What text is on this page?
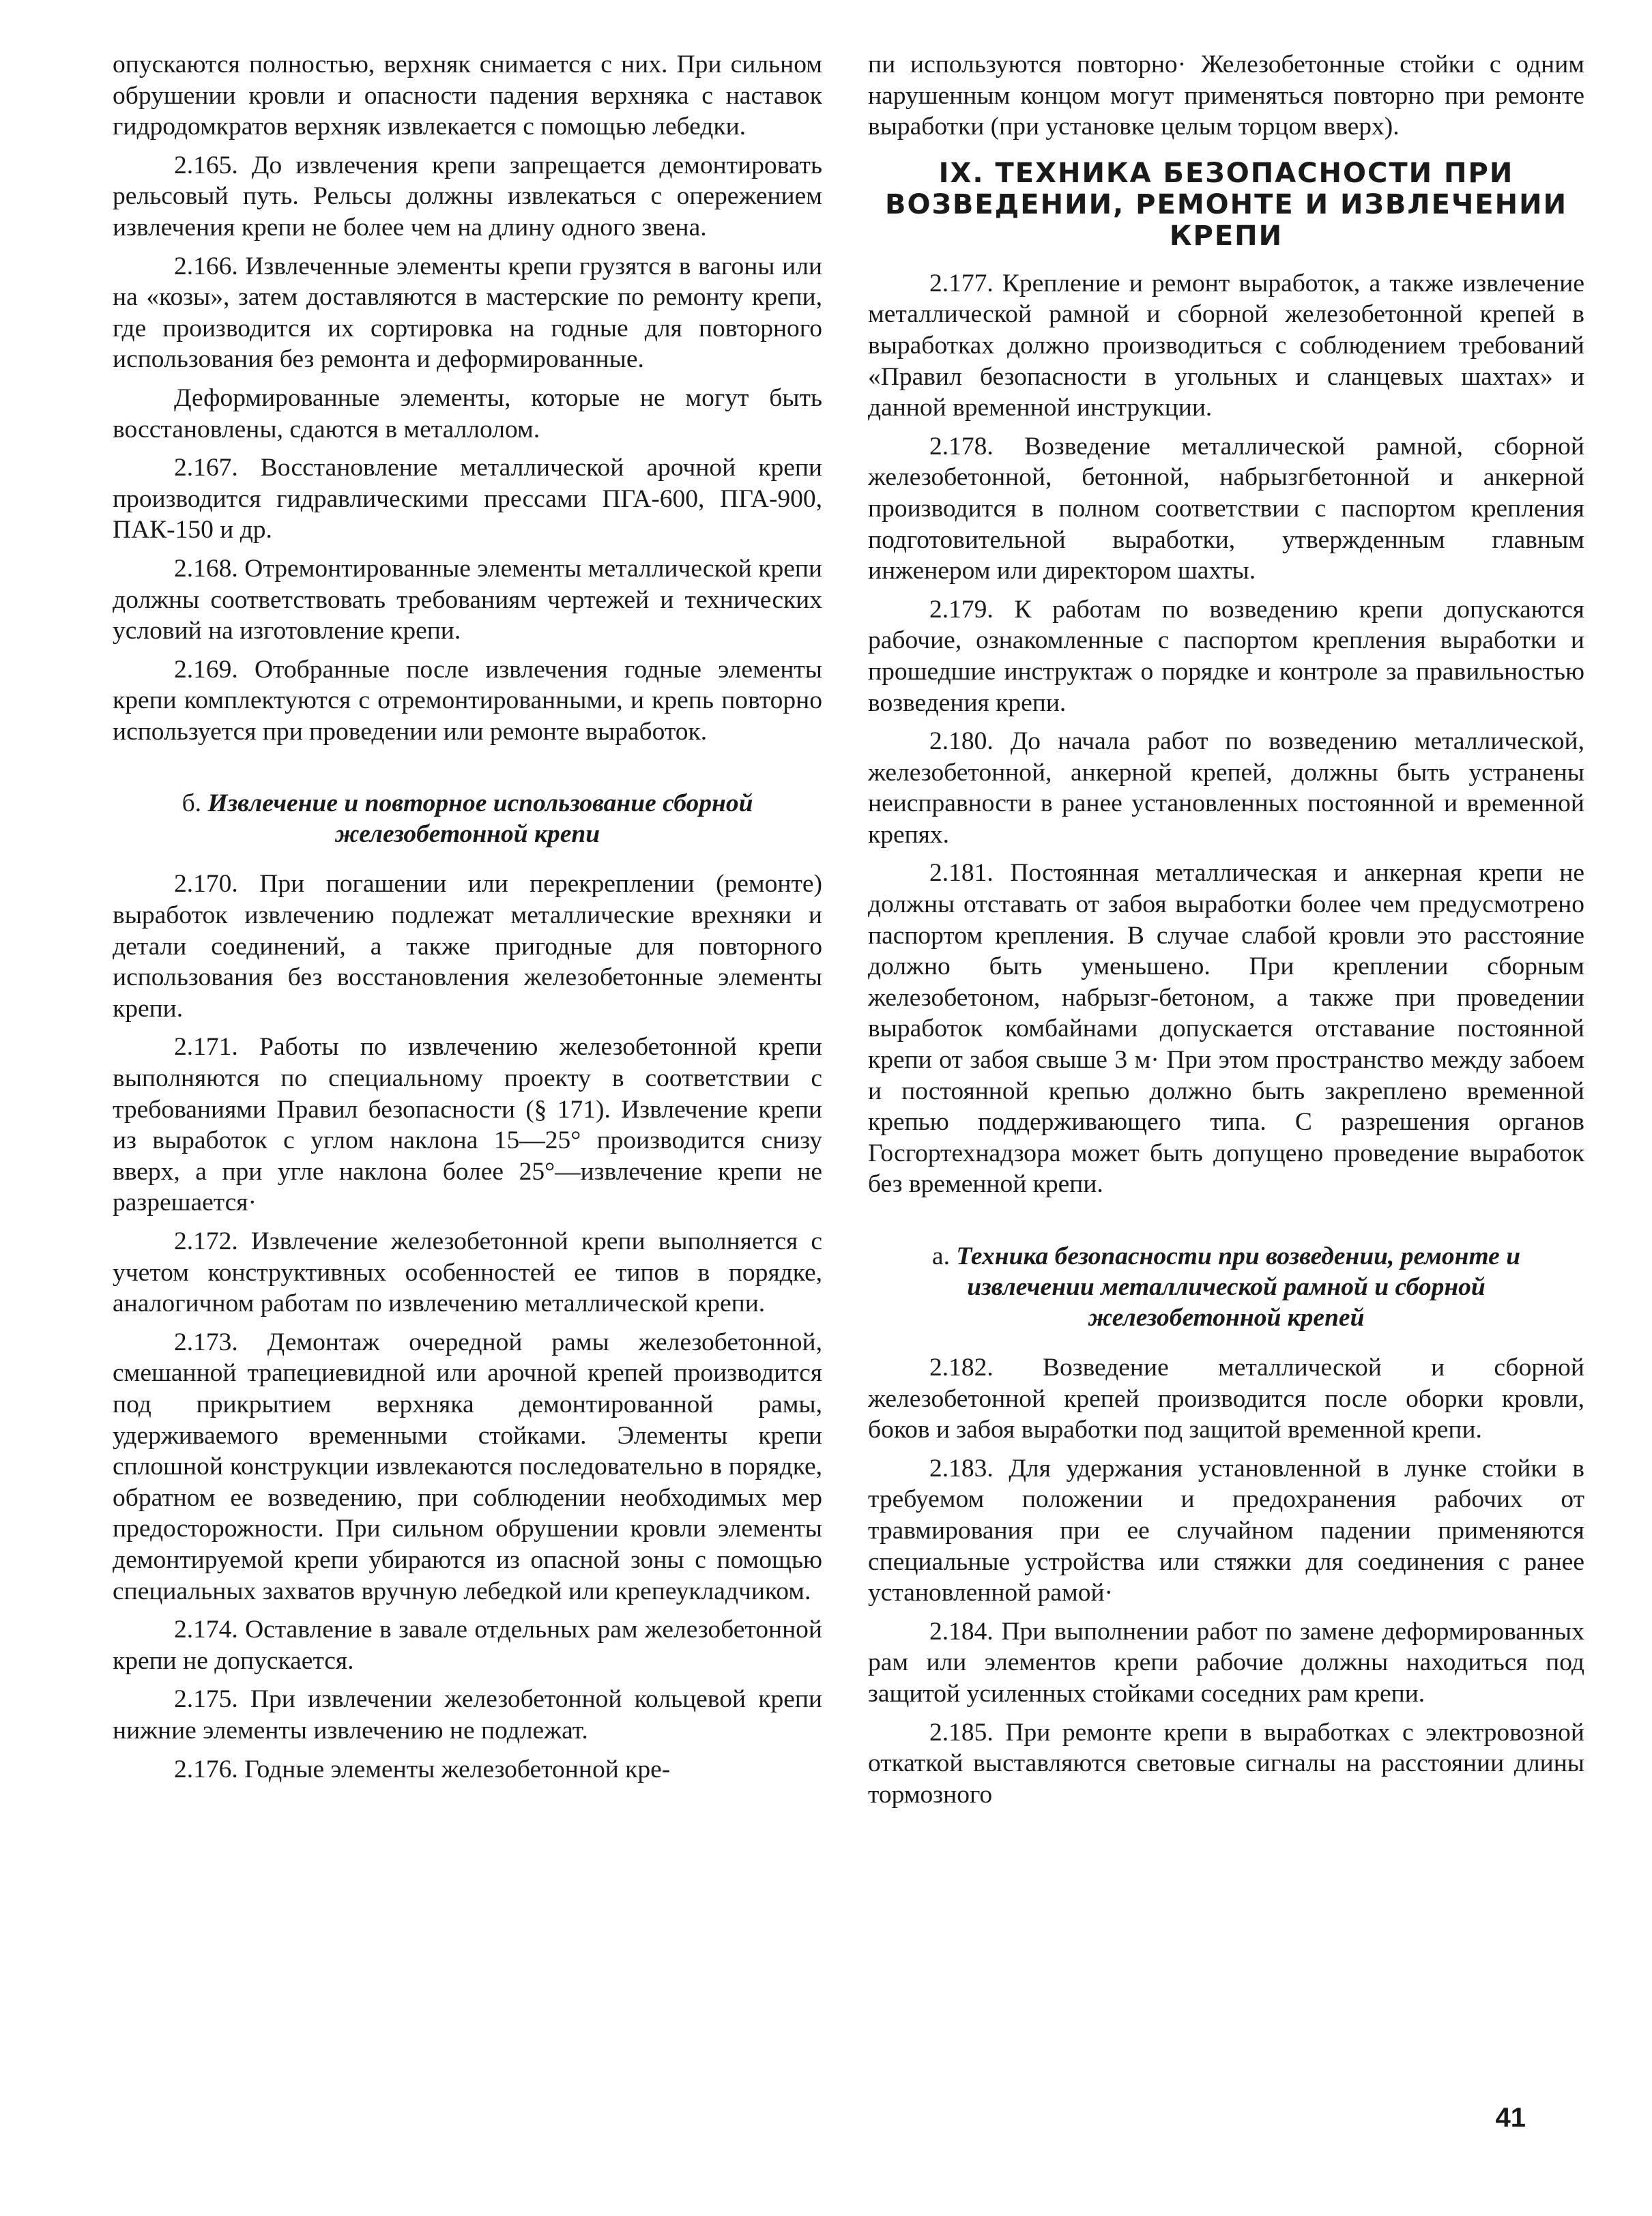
опускаются полностью, верхняк снимается с них. При сильном обрушении кровли и опасности падения верхняка с наставок гидродомкратов верхняк извлекается с помощью лебедки.

2.165. До извлечения крепи запрещается демонтировать рельсовый путь. Рельсы должны извлекаться с опережением извлечения крепи не более чем на длину одного звена.

2.166. Извлеченные элементы крепи грузятся в вагоны или на «козы», затем доставляются в мастерские по ремонту крепи, где производится их сортировка на годные для повторного использования без ремонта и деформированные.

Деформированные элементы, которые не могут быть восстановлены, сдаются в металлолом.

2.167. Восстановление металлической арочной крепи производится гидравлическими прессами ПГА-600, ПГА-900, ПАК-150 и др.

2.168. Отремонтированные элементы металлической крепи должны соответствовать требованиям чертежей и технических условий на изготовление крепи.

2.169. Отобранные после извлечения годные элементы крепи комплектуются с отремонтированными, и крепь повторно используется при проведении или ремонте выработок.

б. Извлечение и повторное использование сборной железобетонной крепи

2.170. При погашении или перекреплении (ремонте) выработок извлечению подлежат металлические врехняки и детали соединений, а также пригодные для повторного использования без восстановления железобетонные элементы крепи.

2.171. Работы по извлечению железобетонной крепи выполняются по специальному проекту в соответствии с требованиями Правил безопасности (§ 171). Извлечение крепи из выработок с углом наклона 15—25° производится снизу вверх, а при угле наклона более 25°—извлечение крепи не разрешается·

2.172. Извлечение железобетонной крепи выполняется с учетом конструктивных особенностей ее типов в порядке, аналогичном работам по извлечению металлической крепи.

2.173. Демонтаж очередной рамы железобетонной, смешанной трапециевидной или арочной крепей производится под прикрытием верхняка демонтированной рамы, удерживаемого временными стойками. Элементы крепи сплошной конструкции извлекаются последовательно в порядке, обратном ее возведению, при соблюдении необходимых мер предосторожности. При сильном обрушении кровли элементы демонтируемой крепи убираются из опасной зоны с помощью специальных захватов вручную лебедкой или крепеукладчиком.

2.174. Оставление в завале отдельных рам железобетонной крепи не допускается.

2.175. При извлечении железобетонной кольцевой крепи нижние элементы извлечению не подлежат.

2.176. Годные элементы железобетонной кре-

пи используются повторно· Железобетонные стойки с одним нарушенным концом могут применяться повторно при ремонте выработки (при установке целым торцом вверх).

IX. ТЕХНИКА БЕЗОПАСНОСТИ ПРИ ВОЗВЕДЕНИИ, РЕМОНТЕ И ИЗВЛЕЧЕНИИ КРЕПИ

2.177. Крепление и ремонт выработок, а также извлечение металлической рамной и сборной железобетонной крепей в выработках должно производиться с соблюдением требований «Правил безопасности в угольных и сланцевых шахтах» и данной временной инструкции.

2.178. Возведение металлической рамной, сборной железобетонной, бетонной, набрызгбетонной и анкерной производится в полном соответствии с паспортом крепления подготовительной выработки, утвержденным главным инженером или директором шахты.

2.179. К работам по возведению крепи допускаются рабочие, ознакомленные с паспортом крепления выработки и прошедшие инструктаж о порядке и контроле за правильностью возведения крепи.

2.180. До начала работ по возведению металлической, железобетонной, анкерной крепей, должны быть устранены неисправности в ранее установленных постоянной и временной крепях.

2.181. Постоянная металлическая и анкерная крепи не должны отставать от забоя выработки более чем предусмотрено паспортом крепления. В случае слабой кровли это расстояние должно быть уменьшено. При креплении сборным железобетоном, набрызг-бетоном, а также при проведении выработок комбайнами допускается отставание постоянной крепи от забоя свыше 3 м· При этом пространство между забоем и постоянной крепью должно быть закреплено временной крепью поддерживающего типа. С разрешения органов Госгортехнадзора может быть допущено проведение выработок без временной крепи.

а. Техника безопасности при возведении, ремонте и извлечении металлической рамной и сборной железобетонной крепей

2.182. Возведение металлической и сборной железобетонной крепей производится после оборки кровли, боков и забоя выработки под защитой временной крепи.

2.183. Для удержания установленной в лунке стойки в требуемом положении и предохранения рабочих от травмирования при ее случайном падении применяются специальные устройства или стяжки для соединения с ранее установленной рамой·

2.184. При выполнении работ по замене деформированных рам или элементов крепи рабочие должны находиться под защитой усиленных стойками соседних рам крепи.

2.185. При ремонте крепи в выработках с электровозной откаткой выставляются световые сигналы на расстоянии длины тормозного

41
